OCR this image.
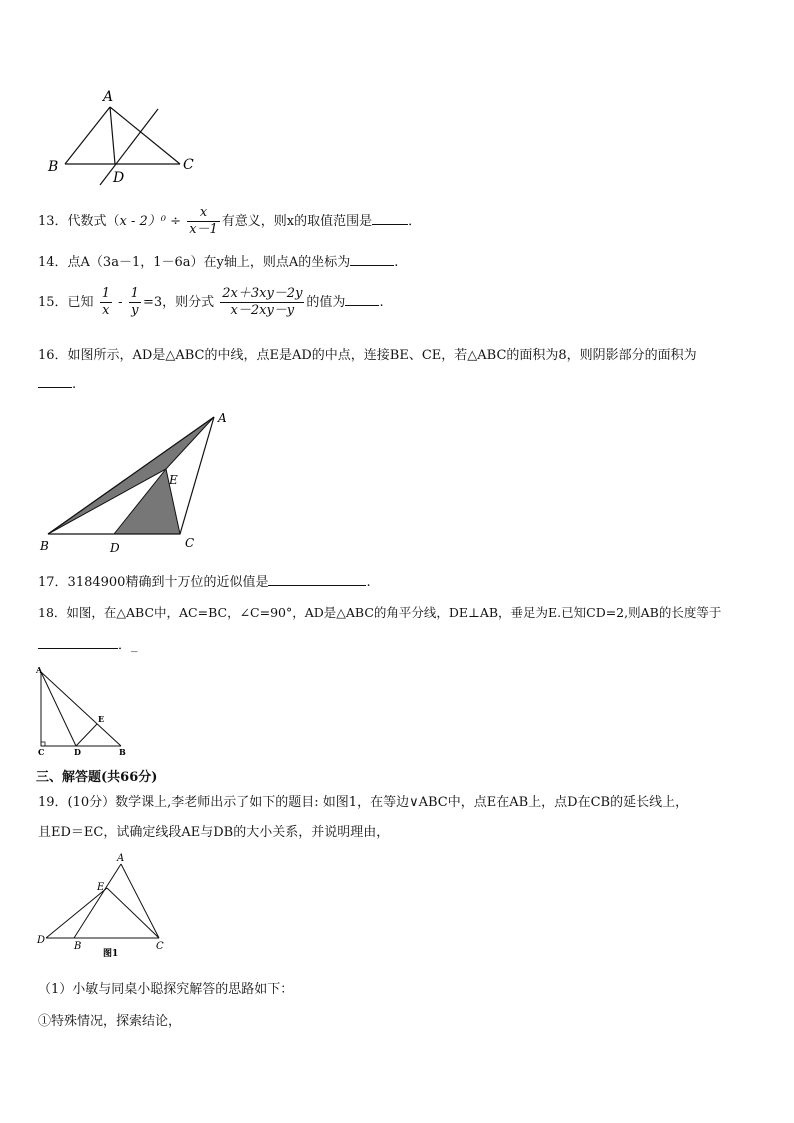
A
B	C
D
13．代数式$(x - 2)^0 \div \frac{x}{x-1}$ 有意义，则x的取值范围是	．
14．点A（3a－1，1－6a）在y轴上，则点A的坐标为	.
15．已知 $\frac{1}{x} - \frac{1}{y} =3$，则分式 $\frac{2x+3xy-2y}{x-2xy-y}$ 的值为	.
16．如图所示，AD是△ABC的中线，点E是AD的中点，连接BE、CE，若△ABC的面积为8，则阴影部分的面积为
.
A
E
B	D	C
17．3184900精确到十万位的近似值是	.
18．如图，在△ABC中，AC=BC，∠C=90°，AD是△ABC的角平分线，DE⊥AB，垂足为E.已知CD=2,则AB的长度等于
．_
A
E
C	D	B
三、解答题(共66分)
19．(10分）数学课上,李老师出示了如下的题目: 如图1，在等边∨ABC中，点E在AB上，点D在CB的延长线上，
且ED＝EC，试确定线段AE与DB的大小关系，并说明理由，
A
E
D
B	C
图1
（1）小敏与同桌小聪探究解答的思路如下：
①特殊情况，探索结论，
